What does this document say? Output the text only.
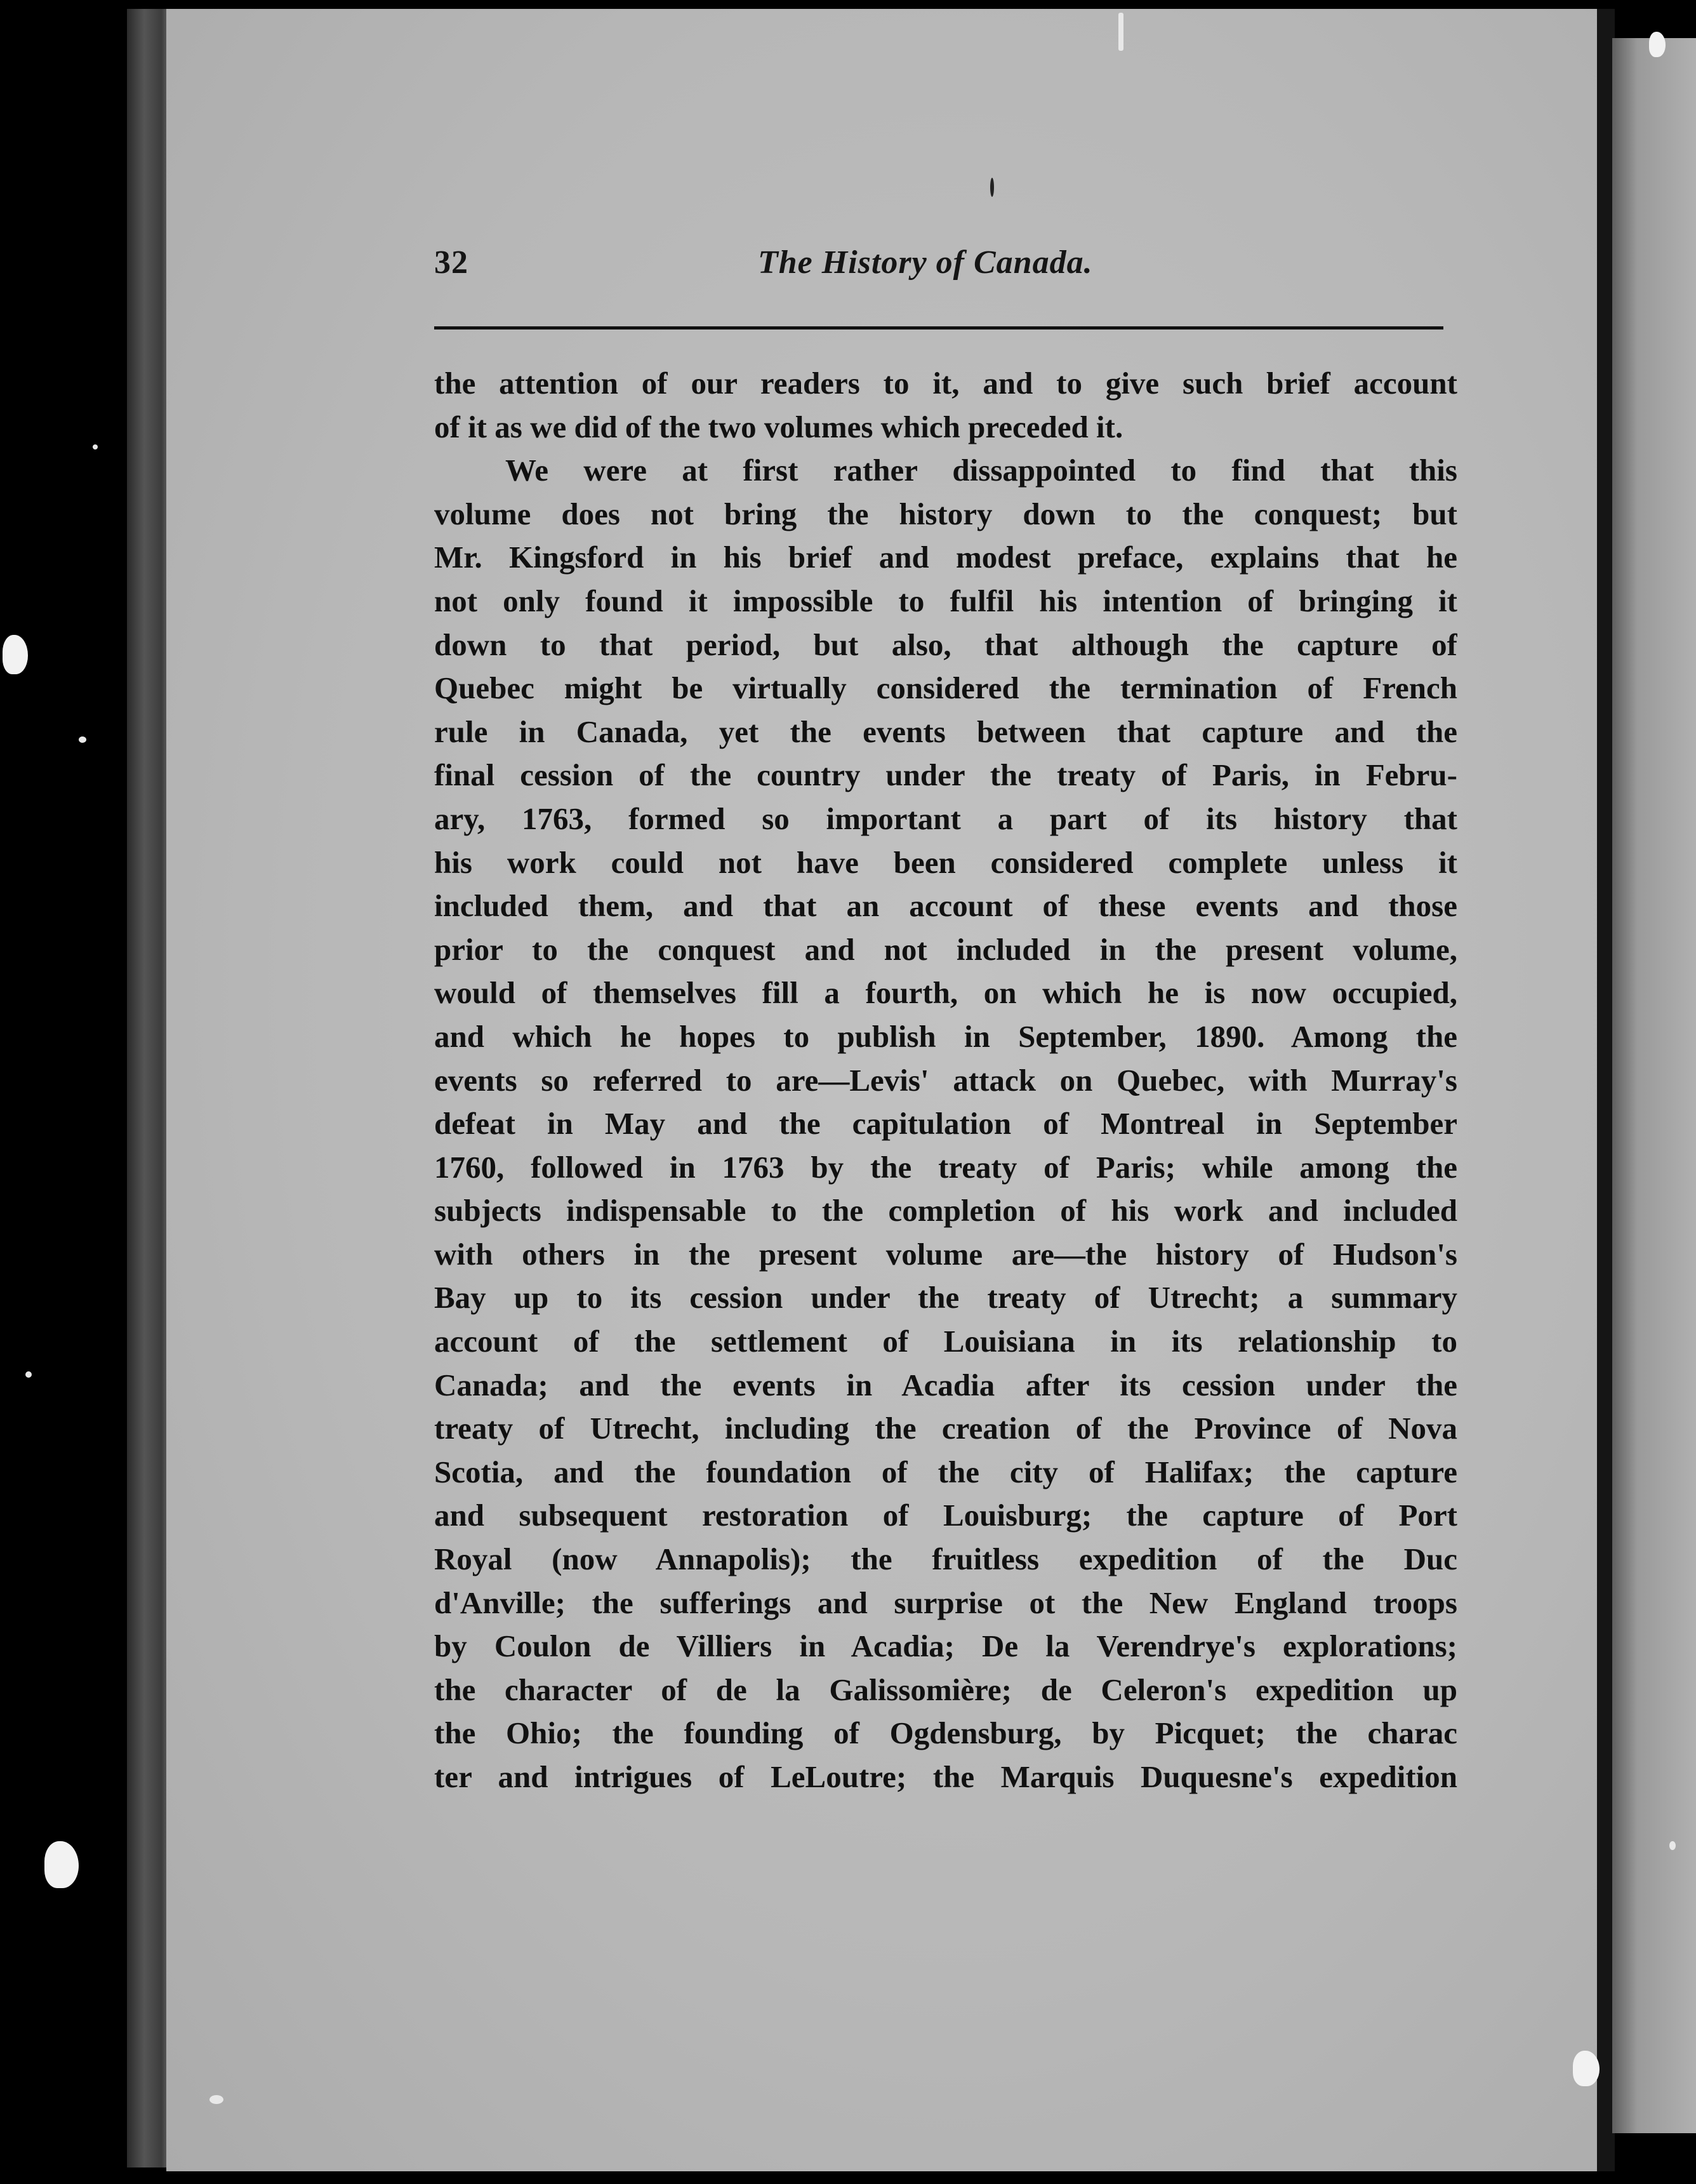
32	The History of Canada.
the attention of our readers to it, and to give such brief account
of it as we did of the two volumes which preceded it.
We were at first rather dissappointed to find that this
volume does not bring the history down to the conquest; but
Mr. Kingsford in his brief and modest preface, explains that he
not only found it impossible to fulfil his intention of bringing it
down to that period, but also, that although the capture of
Quebec might be virtually considered the termination of French
rule in Canada, yet the events between that capture and the
final cession of the country under the treaty of Paris, in Febru-
ary, 1763, formed so important a part of its history that
his work could not have been considered complete unless it
included them, and that an account of these events and those
prior to the conquest and not included in the present volume,
would of themselves fill a fourth, on which he is now occupied,
and which he hopes to publish in September, 1890. Among the
events so referred to are—Levis' attack on Quebec, with Murray's
defeat in May and the capitulation of Montreal in September
1760, followed in 1763 by the treaty of Paris; while among the
subjects indispensable to the completion of his work and included
with others in the present volume are—the history of Hudson's
Bay up to its cession under the treaty of Utrecht; a summary
account of the settlement of Louisiana in its relationship to
Canada; and the events in Acadia after its cession under the
treaty of Utrecht, including the creation of the Province of Nova
Scotia, and the foundation of the city of Halifax; the capture
and subsequent restoration of Louisburg; the capture of Port
Royal (now Annapolis); the fruitless expedition of the Duc
d'Anville; the sufferings and surprise ot the New England troops
by Coulon de Villiers in Acadia; De la Verendrye's explorations;
the character of de la Galissomière; de Celeron's expedition up
the Ohio; the founding of Ogdensburg, by Picquet; the charac
ter and intrigues of LeLoutre; the Marquis Duquesne's expedition
